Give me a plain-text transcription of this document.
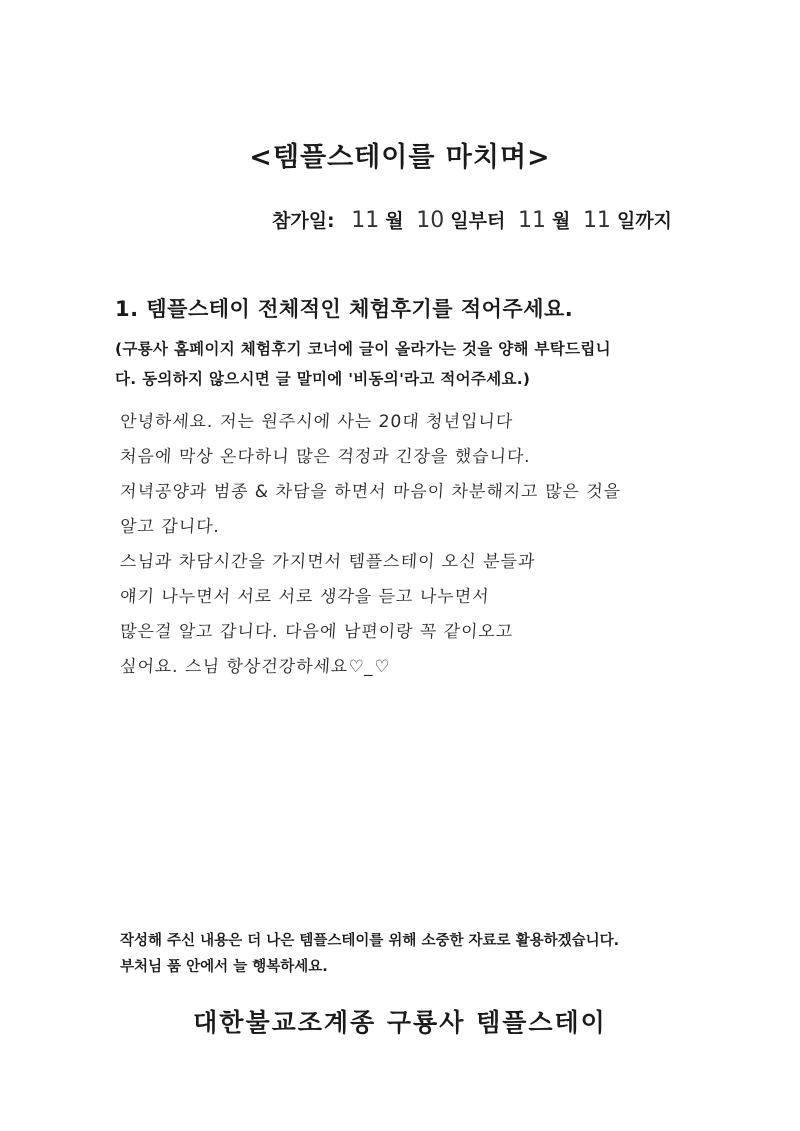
<템플스테이를 마치며>
참가일: 11 월 10 일부터 11 월 11 일까지
1. 템플스테이 전체적인 체험후기를 적어주세요.
(구룡사 홈페이지 체험후기 코너에 글이 올라가는 것을 양해 부탁드립니
다. 동의하지 않으시면 글 말미에 '비동의'라고 적어주세요.)
안녕하세요. 저는 원주시에 사는 20대 청년입니다
처음에 막상 온다하니 많은 걱정과 긴장을 했습니다.
저녁공양과 범종 & 차담을 하면서 마음이 차분해지고 많은 것을
알고 갑니다.
스님과 차담시간을 가지면서 템플스테이 오신 분들과
얘기 나누면서 서로 서로 생각을 듣고 나누면서
많은걸 알고 갑니다. 다음에 남편이랑 꼭 같이오고
싶어요. 스님 항상건강하세요♡_♡
작성해 주신 내용은 더 나은 템플스테이를 위해 소중한 자료로 활용하겠습니다.
부처님 품 안에서 늘 행복하세요.
대한불교조계종 구룡사 템플스테이
